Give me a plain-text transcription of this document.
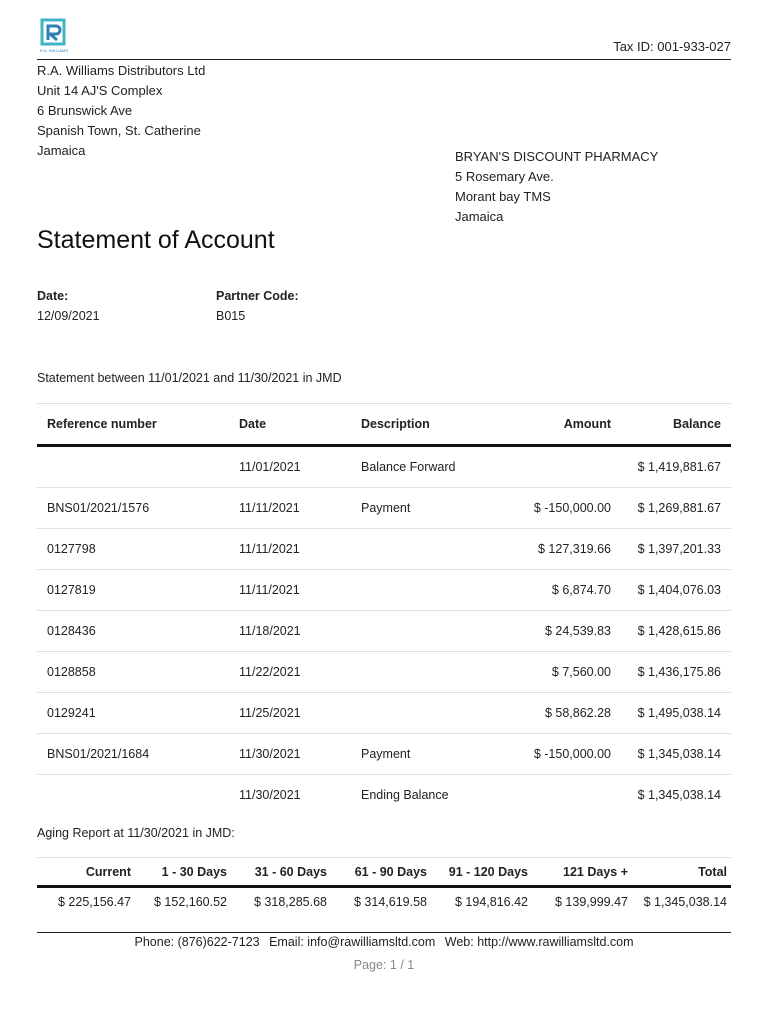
R.A. WILLIAMS	Tax ID: 001-933-027
R.A. Williams Distributors Ltd
Unit 14 AJ'S Complex
6 Brunswick Ave
Spanish Town, St. Catherine
Jamaica	BRYAN'S DISCOUNT PHARMACY
5 Rosemary Ave.
Morant bay TMS
Jamaica
Statement of Account
Date:
12/09/2021
Partner Code:
B015
Statement between 11/01/2021 and 11/30/2021 in JMD
Reference number	Date	Description	Amount	Balance
	11/01/2021	Balance Forward		$ 1,419,881.67
BNS01/2021/1576	11/11/2021	Payment	$ -150,000.00	$ 1,269,881.67
0127798	11/11/2021		$ 127,319.66	$ 1,397,201.33
0127819	11/11/2021		$ 6,874.70	$ 1,404,076.03
0128436	11/18/2021		$ 24,539.83	$ 1,428,615.86
0128858	11/22/2021		$ 7,560.00	$ 1,436,175.86
0129241	11/25/2021		$ 58,862.28	$ 1,495,038.14
BNS01/2021/1684	11/30/2021	Payment	$ -150,000.00	$ 1,345,038.14
	11/30/2021	Ending Balance		$ 1,345,038.14
Aging Report at 11/30/2021 in JMD:
Current	1 - 30 Days	31 - 60 Days	61 - 90 Days	91 - 120 Days	121 Days +	Total
$ 225,156.47	$ 152,160.52	$ 318,285.68	$ 314,619.58	$ 194,816.42	$ 139,999.47	$ 1,345,038.14
Phone: (876)622-7123 Email: info@rawilliamsltd.com Web: http://www.rawilliamsltd.com
Page: 1 / 1
